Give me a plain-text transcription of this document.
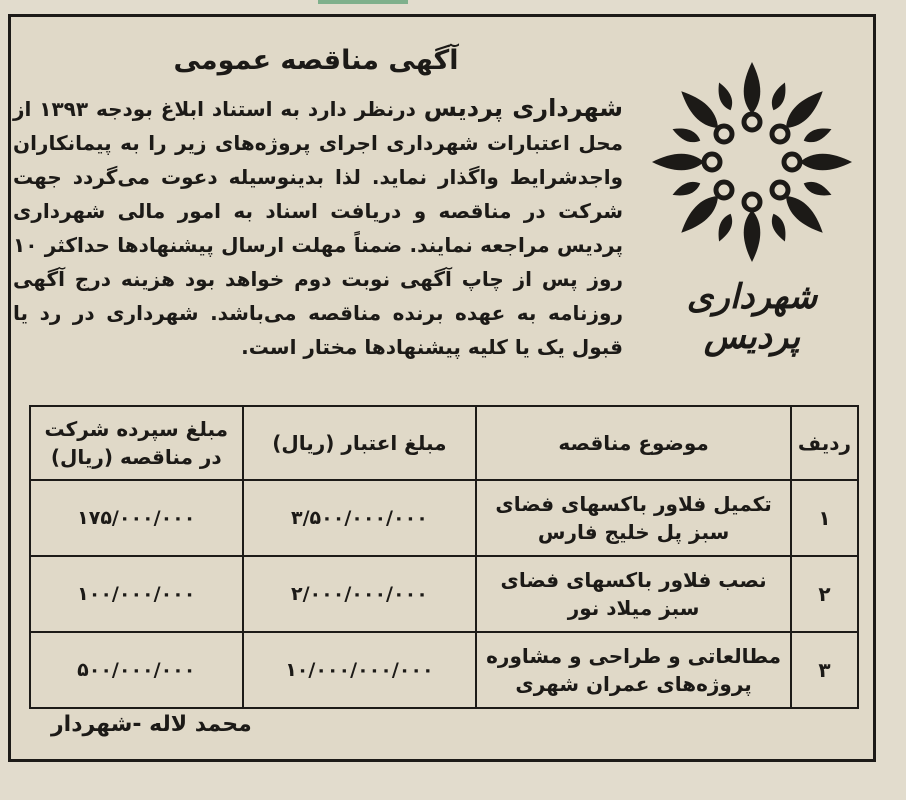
شهرداری پردیس
آگهی مناقصه عمومی

شهرداری پردیس درنظر دارد به استناد ابلاغ بودجه ۱۳۹۳ از محل اعتبارات شهرداری اجرای پروژه‌های زیر را به پیمانکاران واجدشرایط واگذار نماید. لذا بدینوسیله دعوت می‌گردد جهت شرکت در مناقصه و دریافت اسناد به امور مالی شهرداری پردیس مراجعه نمایند. ضمناً مهلت ارسال پیشنهادها حداکثر ۱۰ روز پس از چاپ آگهی نوبت دوم خواهد بود هزینه درج آگهی روزنامه به عهده برنده مناقصه می‌باشد. شهرداری در رد یا قبول یک یا کلیه پیشنهادها مختار است.

ردیف	موضوع مناقصه	مبلغ اعتبار (ریال)	مبلغ سپرده شرکت در مناقصه (ریال)
۱	تکمیل فلاور باکسهای فضای سبز پل خلیج فارس	۳/۵۰۰/۰۰۰/۰۰۰	۱۷۵/۰۰۰/۰۰۰
۲	نصب فلاور باکسهای فضای سبز میلاد نور	۲/۰۰۰/۰۰۰/۰۰۰	۱۰۰/۰۰۰/۰۰۰
۳	مطالعاتی و طراحی و مشاوره پروژه‌های عمران شهری	۱۰/۰۰۰/۰۰۰/۰۰۰	۵۰۰/۰۰۰/۰۰۰
محمد لاله -شهردار
